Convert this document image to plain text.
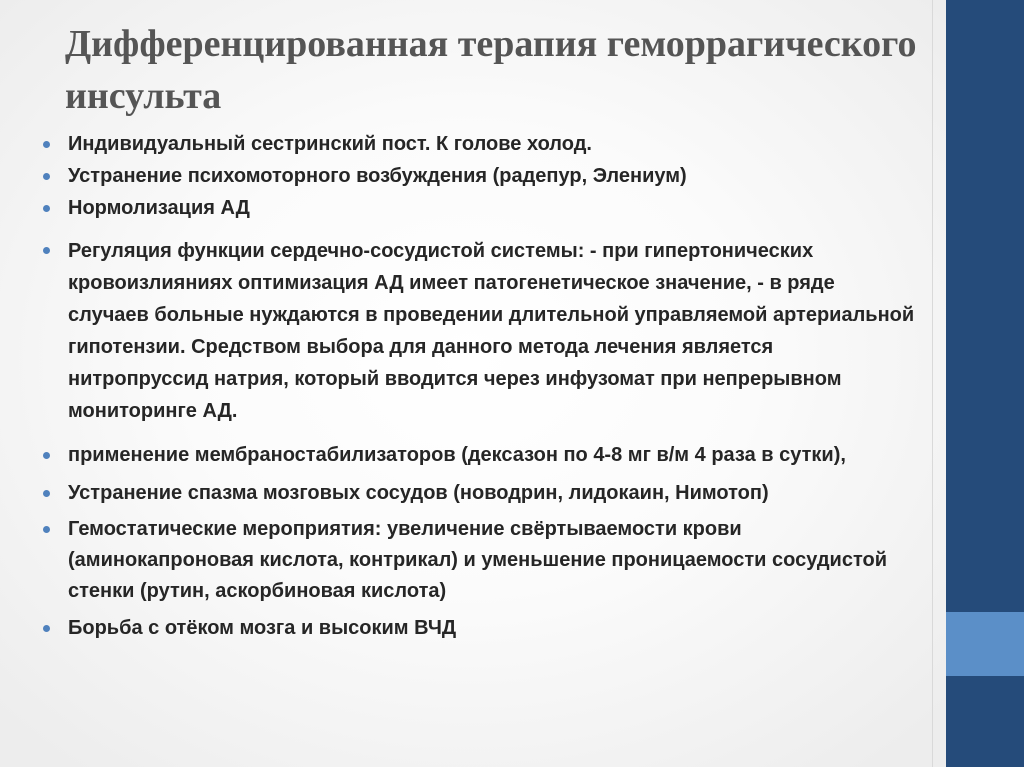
Дифференцированная терапия геморрагического инсульта
Индивидуальный сестринский пост. К голове холод.
Устранение психомоторного возбуждения (радепур, Элениум)
Нормолизация АД
Регуляция функции сердечно-сосудистой системы: - при гипертонических кровоизлияниях оптимизация АД имеет патогенетическое значение, - в ряде случаев больные нуждаются в проведении длительной управляемой артериальной гипотензии. Средством выбора для данного метода лечения является нитропруссид натрия, который вводится через инфузомат при непрерывном мониторинге АД.
применение мембраностабилизаторов (дексазон по 4-8 мг в/м 4 раза в сутки),
Устранение спазма мозговых сосудов (новодрин, лидокаин, Нимотоп)
Гемостатические мероприятия: увеличение свёртываемости крови (аминокапроновая кислота, контрикал) и уменьшение проницаемости сосудистой стенки (рутин, аскорбиновая кислота)
Борьба с отёком мозга и высоким ВЧД
